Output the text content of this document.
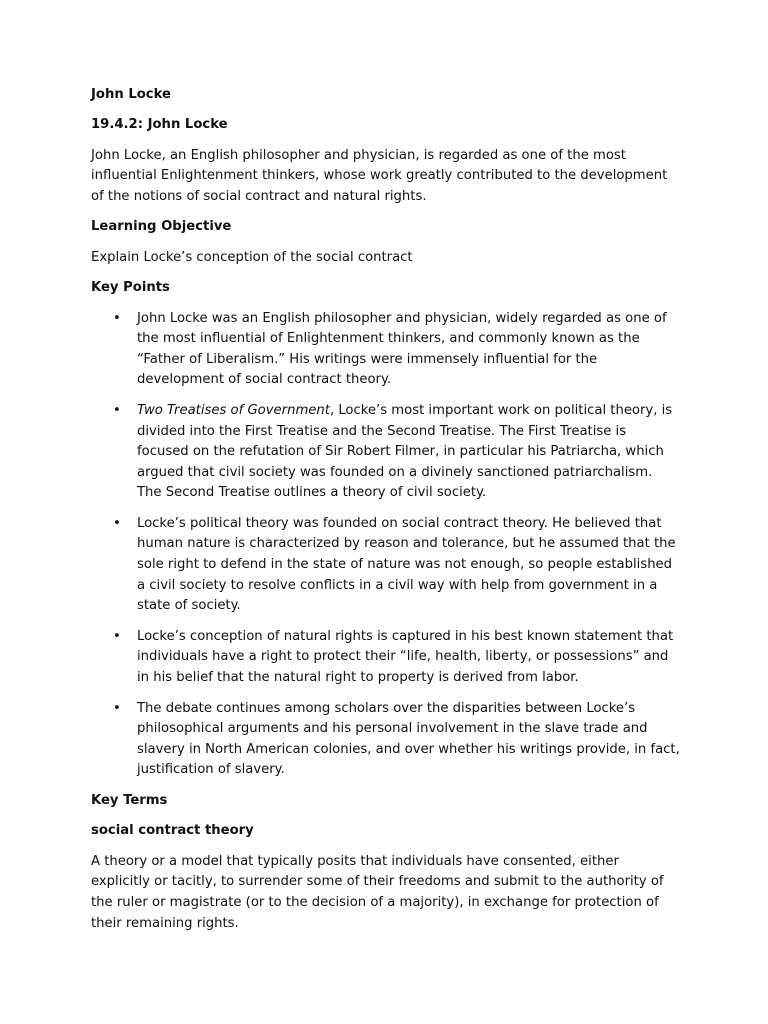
John Locke
19.4.2: John Locke
John Locke, an English philosopher and physician, is regarded as one of the most influential Enlightenment thinkers, whose work greatly contributed to the development of the notions of social contract and natural rights.
Learning Objective
Explain Locke’s conception of the social contract
Key Points
• John Locke was an English philosopher and physician, widely regarded as one of the most influential of Enlightenment thinkers, and commonly known as the “Father of Liberalism.” His writings were immensely influential for the development of social contract theory.
• Two Treatises of Government, Locke’s most important work on political theory, is divided into the First Treatise and the Second Treatise. The First Treatise is focused on the refutation of Sir Robert Filmer, in particular his Patriarcha, which argued that civil society was founded on a divinely sanctioned patriarchalism. The Second Treatise outlines a theory of civil society.
• Locke’s political theory was founded on social contract theory. He believed that human nature is characterized by reason and tolerance, but he assumed that the sole right to defend in the state of nature was not enough, so people established a civil society to resolve conflicts in a civil way with help from government in a state of society.
• Locke’s conception of natural rights is captured in his best known statement that individuals have a right to protect their “life, health, liberty, or possessions” and in his belief that the natural right to property is derived from labor.
• The debate continues among scholars over the disparities between Locke’s philosophical arguments and his personal involvement in the slave trade and slavery in North American colonies, and over whether his writings provide, in fact, justification of slavery.
Key Terms
social contract theory
A theory or a model that typically posits that individuals have consented, either explicitly or tacitly, to surrender some of their freedoms and submit to the authority of the ruler or magistrate (or to the decision of a majority), in exchange for protection of their remaining rights.
